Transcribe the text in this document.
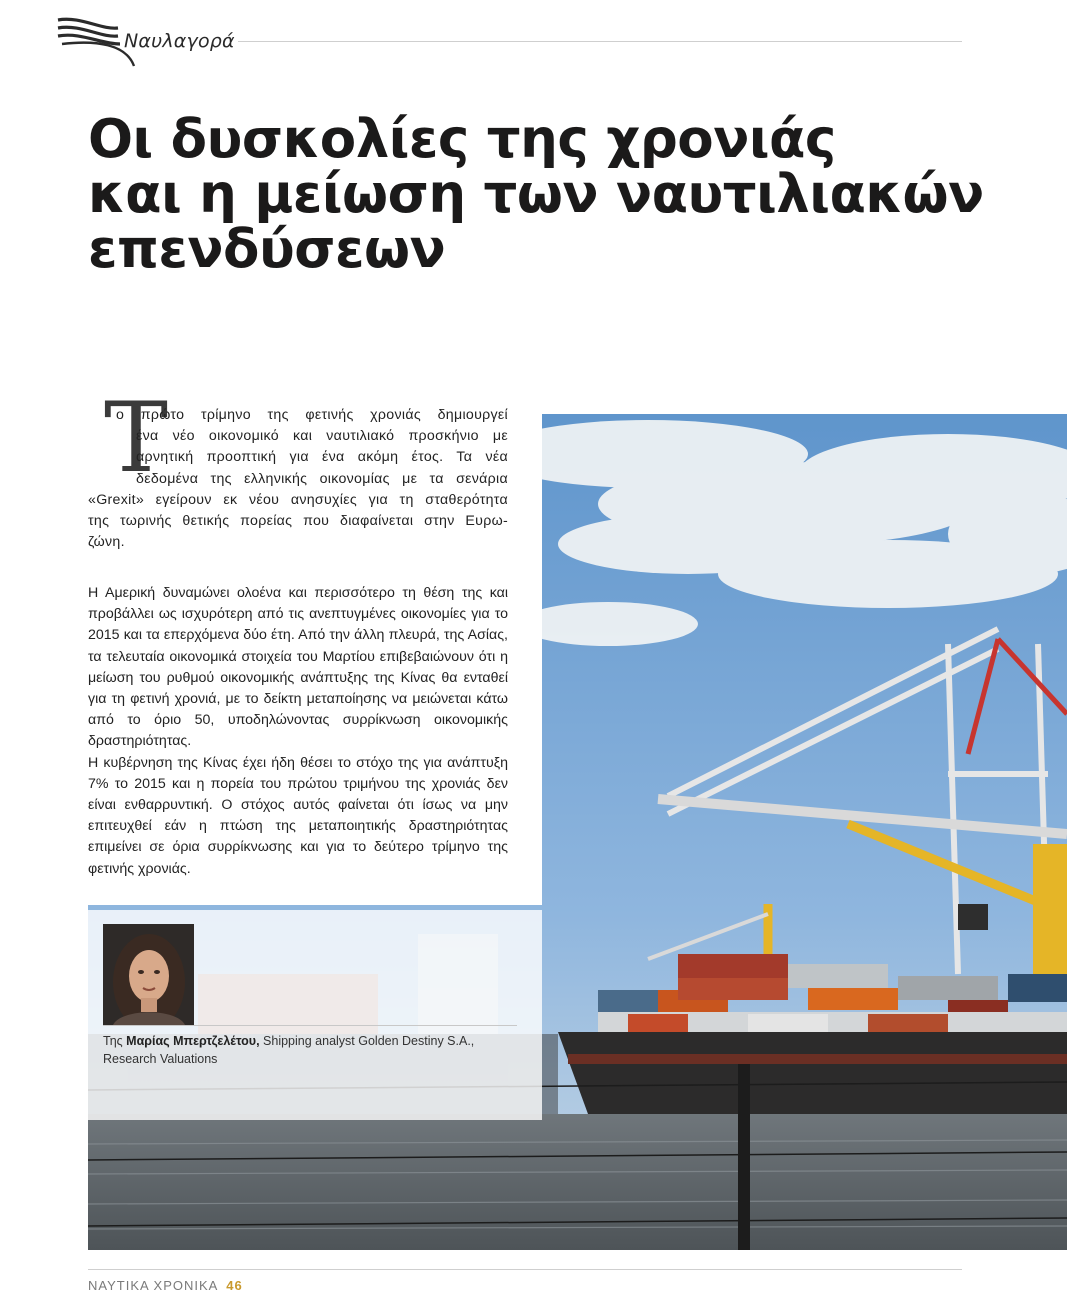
Ναυλαγορά
Οι δυσκολίες της χρονιάς
και η μείωση των ναυτιλιακών
επενδύσεων
Τ
ο πρώτο τρίμηνο της φετινής χρονιάς δημιουργεί
ένα νέο οικονομικό και ναυτιλιακό προσκήνιο με
αρνητική προοπτική για ένα ακόμη έτος. Τα νέα
δεδομένα της ελληνικής οικονομίας με τα σενάρια
«Grexit» εγείρουν εκ νέου ανησυχίες για τη σταθερότητα
της τωρινής θετικής πορείας που διαφαίνεται στην Ευρω-
ζώνη.

Η Αμερική δυναμώνει ολοένα και περισσότερο τη θέση της και προβάλλει ως ισχυρότερη από τις ανεπτυγμένες οικονομίες για το 2015 και τα επερχόμενα δύο έτη. Από την άλλη πλευρά, της Ασίας, τα τελευταία οικονομικά στοιχεία του Μαρτίου επιβεβαιώνουν ότι η μείωση του ρυθμού οικονομικής ανάπτυξης της Κίνας θα ενταθεί για τη φετινή χρονιά, με το δείκτη μεταποίησης να μειώνεται κάτω από το όριο 50, υποδηλώνοντας συρρίκνωση οικονομικής δραστηριότητας.

Η κυβέρνηση της Κίνας έχει ήδη θέσει το στόχο της για ανάπτυξη 7% το 2015 και η πορεία του πρώτου τριμήνου της χρονιάς δεν είναι ενθαρρυντική. Ο στόχος αυτός φαίνεται ότι ίσως να μην επιτευχθεί εάν η πτώση της μεταποιητικής δραστηριότητας επιμείνει σε όρια συρρίκνωσης και για το δεύτερο τρίμηνο της φετινής χρονιάς.

Της Μαρίας Μπερτζελέτου, Shipping analyst Golden Destiny S.A.,
Research Valuations
ΝΑΥΤΙΚΑ ΧΡΟΝΙΚΑ 46
